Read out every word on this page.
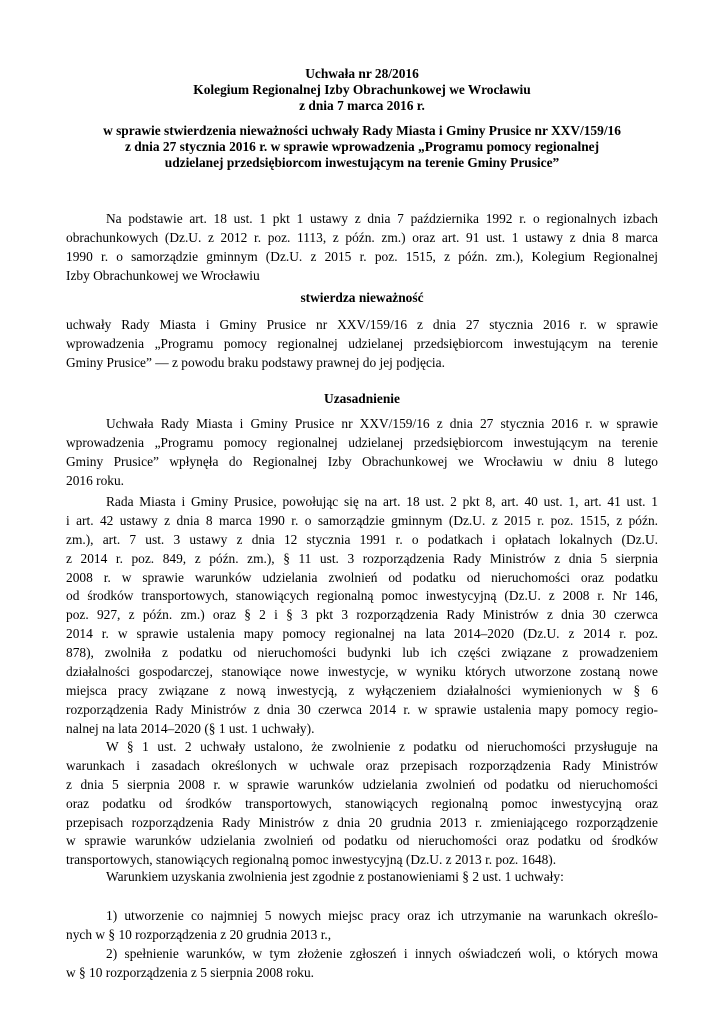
Uchwała nr 28/2016
Kolegium Regionalnej Izby Obrachunkowej we Wrocławiu
z dnia 7 marca 2016 r.
w sprawie stwierdzenia nieważności uchwały Rady Miasta i Gminy Prusice nr XXV/159/16
z dnia 27 stycznia 2016 r. w sprawie wprowadzenia „Programu pomocy regionalnej
udzielanej przedsiębiorcom inwestującym na terenie Gminy Prusice”
Na podstawie art. 18 ust. 1 pkt 1 ustawy z dnia 7 października 1992 r. o regionalnych izbach
obrachunkowych (Dz.U. z 2012 r. poz. 1113, z późn. zm.) oraz art. 91 ust. 1 ustawy z dnia 8 marca
1990 r. o samorządzie gminnym (Dz.U. z 2015 r. poz. 1515, z późn. zm.), Kolegium Regionalnej
Izby Obrachunkowej we Wrocławiu
stwierdza nieważność
uchwały Rady Miasta i Gminy Prusice nr XXV/159/16 z dnia 27 stycznia 2016 r. w sprawie
wprowadzenia „Programu pomocy regionalnej udzielanej przedsiębiorcom inwestującym na terenie
Gminy Prusice” — z powodu braku podstawy prawnej do jej podjęcia.
Uzasadnienie
Uchwała Rady Miasta i Gminy Prusice nr XXV/159/16 z dnia 27 stycznia 2016 r. w sprawie
wprowadzenia „Programu pomocy regionalnej udzielanej przedsiębiorcom inwestującym na terenie
Gminy Prusice” wpłynęła do Regionalnej Izby Obrachunkowej we Wrocławiu w dniu 8 lutego
2016 roku.
Rada Miasta i Gminy Prusice, powołując się na art. 18 ust. 2 pkt 8, art. 40 ust. 1, art. 41 ust. 1
i art. 42 ustawy z dnia 8 marca 1990 r. o samorządzie gminnym (Dz.U. z 2015 r. poz. 1515, z późn.
zm.), art. 7 ust. 3 ustawy z dnia 12 stycznia 1991 r. o podatkach i opłatach lokalnych (Dz.U.
z 2014 r. poz. 849, z późn. zm.), § 11 ust. 3 rozporządzenia Rady Ministrów z dnia 5 sierpnia
2008 r. w sprawie warunków udzielania zwolnień od podatku od nieruchomości oraz podatku
od środków transportowych, stanowiących regionalną pomoc inwestycyjną (Dz.U. z 2008 r. Nr 146,
poz. 927, z późn. zm.) oraz § 2 i § 3 pkt 3 rozporządzenia Rady Ministrów z dnia 30 czerwca
2014 r. w sprawie ustalenia mapy pomocy regionalnej na lata 2014–2020 (Dz.U. z 2014 r. poz.
878), zwolniła z podatku od nieruchomości budynki lub ich części związane z prowadzeniem
działalności gospodarczej, stanowiące nowe inwestycje, w wyniku których utworzone zostaną nowe
miejsca pracy związane z nową inwestycją, z wyłączeniem działalności wymienionych w § 6
rozporządzenia Rady Ministrów z dnia 30 czerwca 2014 r. w sprawie ustalenia mapy pomocy regio-
nalnej na lata 2014–2020 (§ 1 ust. 1 uchwały).
W § 1 ust. 2 uchwały ustalono, że zwolnienie z podatku od nieruchomości przysługuje na
warunkach i zasadach określonych w uchwale oraz przepisach rozporządzenia Rady Ministrów
z dnia 5 sierpnia 2008 r. w sprawie warunków udzielania zwolnień od podatku od nieruchomości
oraz podatku od środków transportowych, stanowiących regionalną pomoc inwestycyjną oraz
przepisach rozporządzenia Rady Ministrów z dnia 20 grudnia 2013 r. zmieniającego rozporządzenie
w sprawie warunków udzielania zwolnień od podatku od nieruchomości oraz podatku od środków
transportowych, stanowiących regionalną pomoc inwestycyjną (Dz.U. z 2013 r. poz. 1648).
Warunkiem uzyskania zwolnienia jest zgodnie z postanowieniami § 2 ust. 1 uchwały:
1) utworzenie co najmniej 5 nowych miejsc pracy oraz ich utrzymanie na warunkach określo-
nych w § 10 rozporządzenia z 20 grudnia 2013 r.,
2) spełnienie warunków, w tym złożenie zgłoszeń i innych oświadczeń woli, o których mowa
w § 10 rozporządzenia z 5 sierpnia 2008 roku.
